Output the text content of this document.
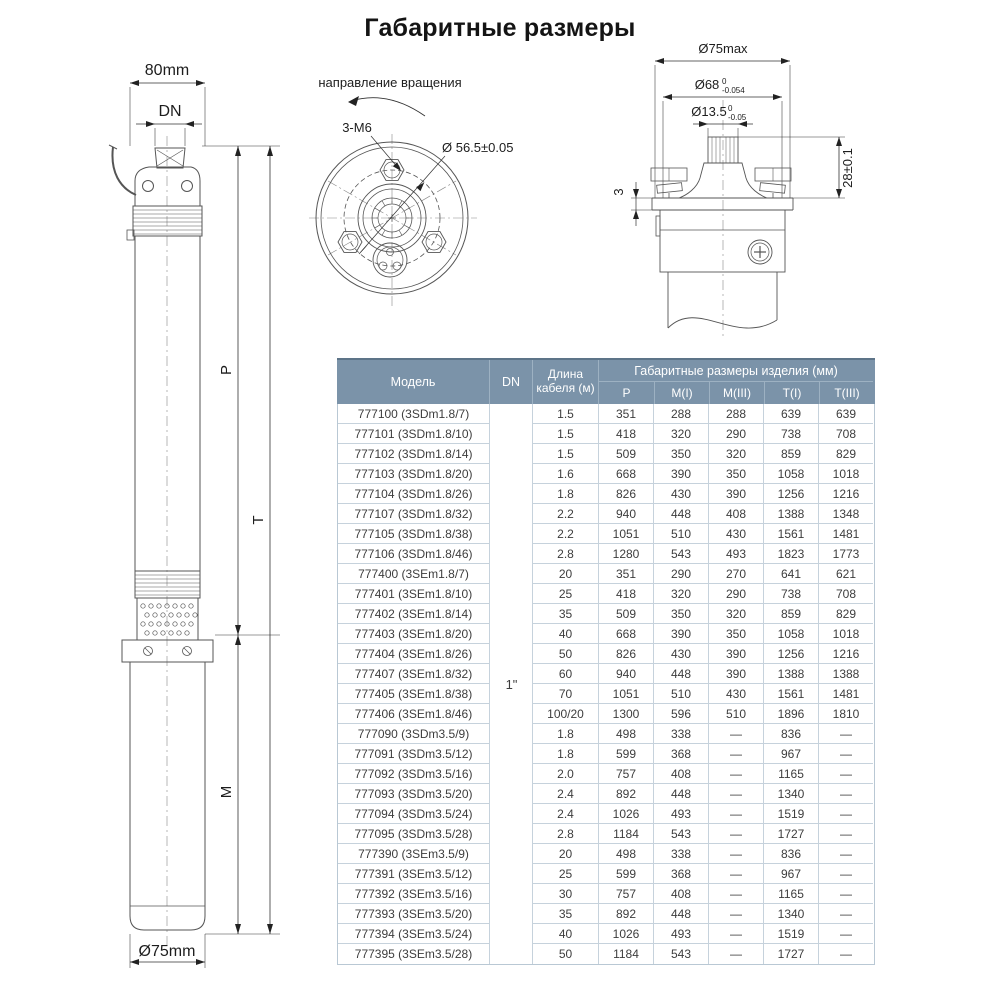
Габаритные размеры
80mm
DN
P
M
T
Ø75mm
направление вращения
3-М6
Ø 56.5±0.05
Ø75max
Ø68 0
-0.054
Ø13.5 0
-0.05
3
28±0.1
Модель	DN
Длина
кабеля (м)
Габаритные размеры изделия (мм)
P	M(I)	M(III)	T(I)	T(III)
1"
777100 (3SDm1.8/7)	1.5	351	288	288	639	639
777101 (3SDm1.8/10)	1.5	418	320	290	738	708
777102 (3SDm1.8/14)	1.5	509	350	320	859	829
777103 (3SDm1.8/20)	1.6	668	390	350	1058	1018
777104 (3SDm1.8/26)	1.8	826	430	390	1256	1216
777107 (3SDm1.8/32)	2.2	940	448	408	1388	1348
777105 (3SDm1.8/38)	2.2	1051	510	430	1561	1481
777106 (3SDm1.8/46)	2.8	1280	543	493	1823	1773
777400 (3SEm1.8/7)	20	351	290	270	641	621
777401 (3SEm1.8/10)	25	418	320	290	738	708
777402 (3SEm1.8/14)	35	509	350	320	859	829
777403 (3SEm1.8/20)	40	668	390	350	1058	1018
777404 (3SEm1.8/26)	50	826	430	390	1256	1216
777407 (3SEm1.8/32)	60	940	448	390	1388	1388
777405 (3SEm1.8/38)	70	1051	510	430	1561	1481
777406 (3SEm1.8/46)	100/20	1300	596	510	1896	1810
777090 (3SDm3.5/9)	1.8	498	338	—	836	—
777091 (3SDm3.5/12)	1.8	599	368	—	967	—
777092 (3SDm3.5/16)	2.0	757	408	—	1165	—
777093 (3SDm3.5/20)	2.4	892	448	—	1340	—
777094 (3SDm3.5/24)	2.4	1026	493	—	1519	—
777095 (3SDm3.5/28)	2.8	1184	543	—	1727	—
777390 (3SEm3.5/9)	20	498	338	—	836	—
777391 (3SEm3.5/12)	25	599	368	—	967	—
777392 (3SEm3.5/16)	30	757	408	—	1165	—
777393 (3SEm3.5/20)	35	892	448	—	1340	—
777394 (3SEm3.5/24)	40	1026	493	—	1519	—
777395 (3SEm3.5/28)	50	1184	543	—	1727	—
